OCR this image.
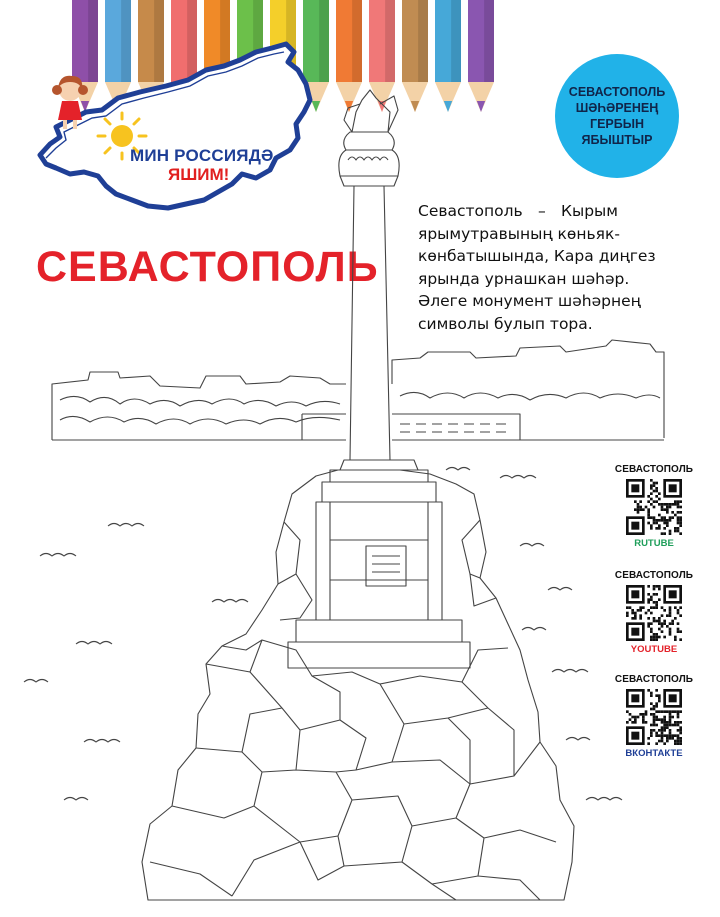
МИН РОССИЯДӘ
ЯШИМ!
СЕВАСТОПОЛЬ
ШӘҺӘРЕНЕҢ
ГЕРБЫН
ЯБЫШТЫР
СЕВАСТОПОЛЬ
Севастополь – Кырым
ярымутравының көньяк-
көнбатышында, Кара диңгез
ярында урнашкан шәһәр.
Әлеге монумент шәһәрнең
символы булып тора.
СЕВАСТОПОЛЬ
RUTUBE
СЕВАСТОПОЛЬ
YOUTUBE
СЕВАСТОПОЛЬ
ВКОНТАКТЕ
